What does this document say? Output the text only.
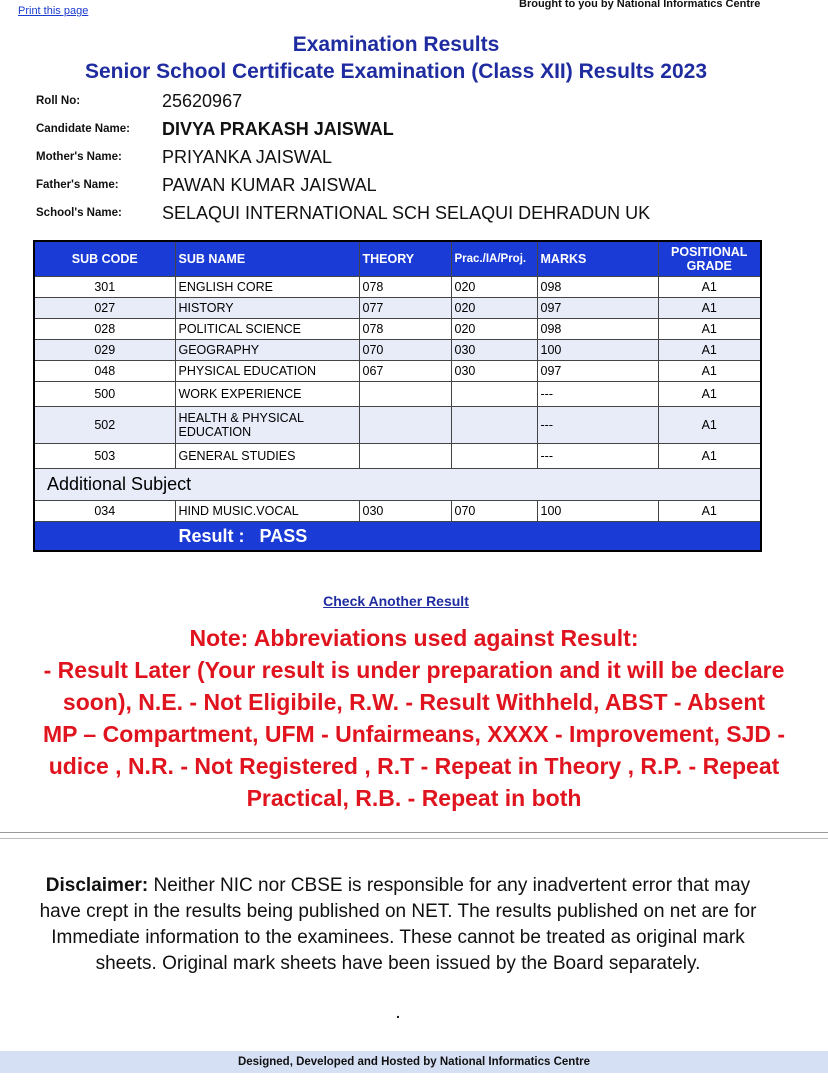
Print this page
Brought to you by National Informatics Centre
Examination Results
Senior School Certificate Examination (Class XII) Results 2023
Roll No:	25620967
Candidate Name:	DIVYA PRAKASH JAISWAL
Mother's Name:	PRIYANKA JAISWAL
Father's Name:	PAWAN KUMAR JAISWAL
School's Name:	SELAQUI INTERNATIONAL SCH SELAQUI DEHRADUN UK
SUB CODE	SUB NAME	THEORY	Prac./IA/Proj.	MARKS	POSITIONAL GRADE
301	ENGLISH CORE	078	020	098	A1
027	HISTORY	077	020	097	A1
028	POLITICAL SCIENCE	078	020	098	A1
029	GEOGRAPHY	070	030	100	A1
048	PHYSICAL EDUCATION	067	030	097	A1
500	WORK EXPERIENCE			---	A1
502	HEALTH & PHYSICAL EDUCATION			---	A1
503	GENERAL STUDIES			---	A1
Additional Subject					
034	HIND MUSIC.VOCAL	030	070	100	A1
	Result : PASS				
Check Another Result
Note: Abbreviations used against Result:
- Result Later (Your result is under preparation and it will be declare
soon), N.E. - Not Eligibile, R.W. - Result Withheld, ABST - Absent
MP – Compartment, UFM - Unfairmeans, XXXX - Improvement, SJD -
udice , N.R. - Not Registered , R.T - Repeat in Theory , R.P. - Repeat
Practical, R.B. - Repeat in both
Disclaimer: Neither NIC nor CBSE is responsible for any inadvertent error that may have crept in the results being published on NET. The results published on net are for Immediate information to the examinees. These cannot be treated as original mark sheets. Original mark sheets have been issued by the Board separately.
.
Designed, Developed and Hosted by National Informatics Centre
